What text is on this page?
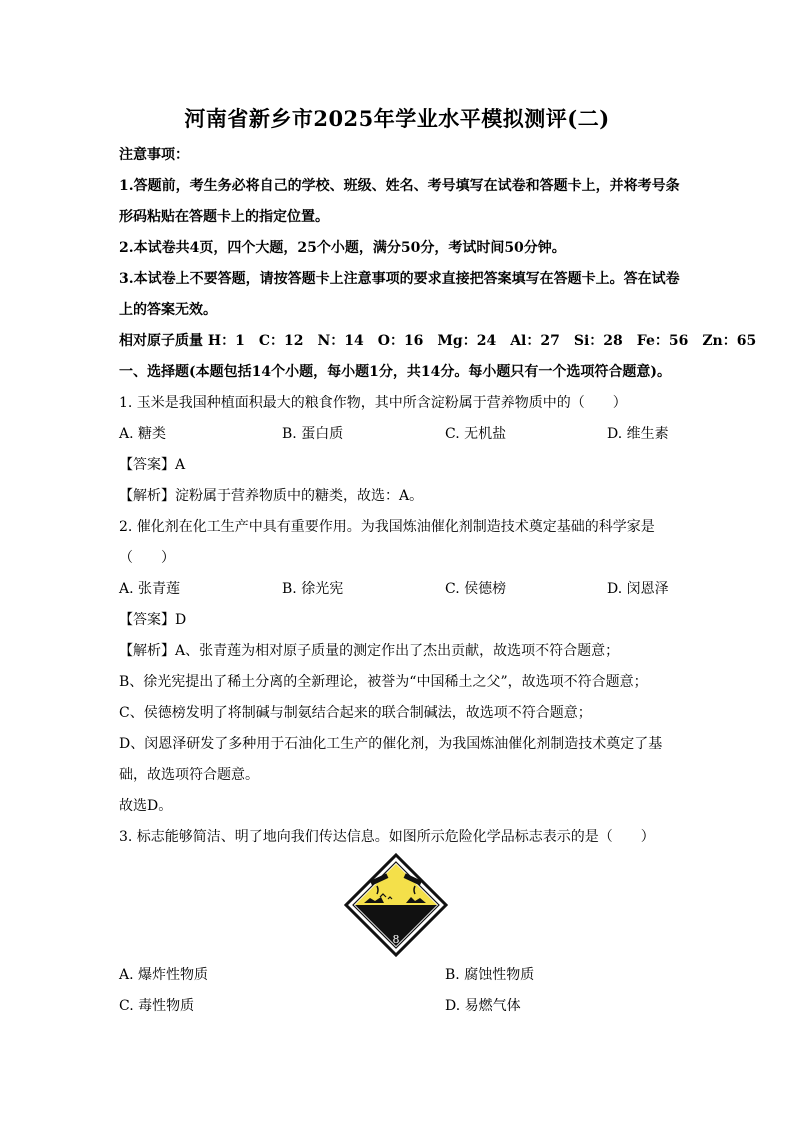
河南省新乡市2025年学业水平模拟测评(二)
注意事项：
1.答题前，考生务必将自己的学校、班级、姓名、考号填写在试卷和答题卡上，并将考号条
形码粘贴在答题卡上的指定位置。
2.本试卷共4页，四个大题，25个小题，满分50分，考试时间50分钟。
3.本试卷上不要答题，请按答题卡上注意事项的要求直接把答案填写在答题卡上。答在试卷
上的答案无效。
相对原子质量 H：1　C：12　N：14　O：16　Mg：24　Al：27　Si：28　Fe：56　Zn：65
一、选择题(本题包括14个小题，每小题1分，共14分。每小题只有一个选项符合题意)。
1. 玉米是我国种植面积最大的粮食作物，其中所含淀粉属于营养物质中的（　　）
A. 糖类	B. 蛋白质	C. 无机盐	D. 维生素
【答案】A
【解析】淀粉属于营养物质中的糖类，故选：A。
2. 催化剂在化工生产中具有重要作用。为我国炼油催化剂制造技术奠定基础的科学家是
（　　）
A. 张青莲	B. 徐光宪	C. 侯德榜	D. 闵恩泽
【答案】D
【解析】A、张青莲为相对原子质量的测定作出了杰出贡献，故选项不符合题意；
B、徐光宪提出了稀土分离的全新理论，被誉为“中国稀土之父”，故选项不符合题意；
C、侯德榜发明了将制碱与制氨结合起来的联合制碱法，故选项不符合题意；
D、闵恩泽研发了多种用于石油化工生产的催化剂，为我国炼油催化剂制造技术奠定了基
础，故选项符合题意。
故选D。
3. 标志能够简洁、明了地向我们传达信息。如图所示危险化学品标志表示的是（　　）
8
A. 爆炸性物质	B. 腐蚀性物质
C. 毒性物质	D. 易燃气体
